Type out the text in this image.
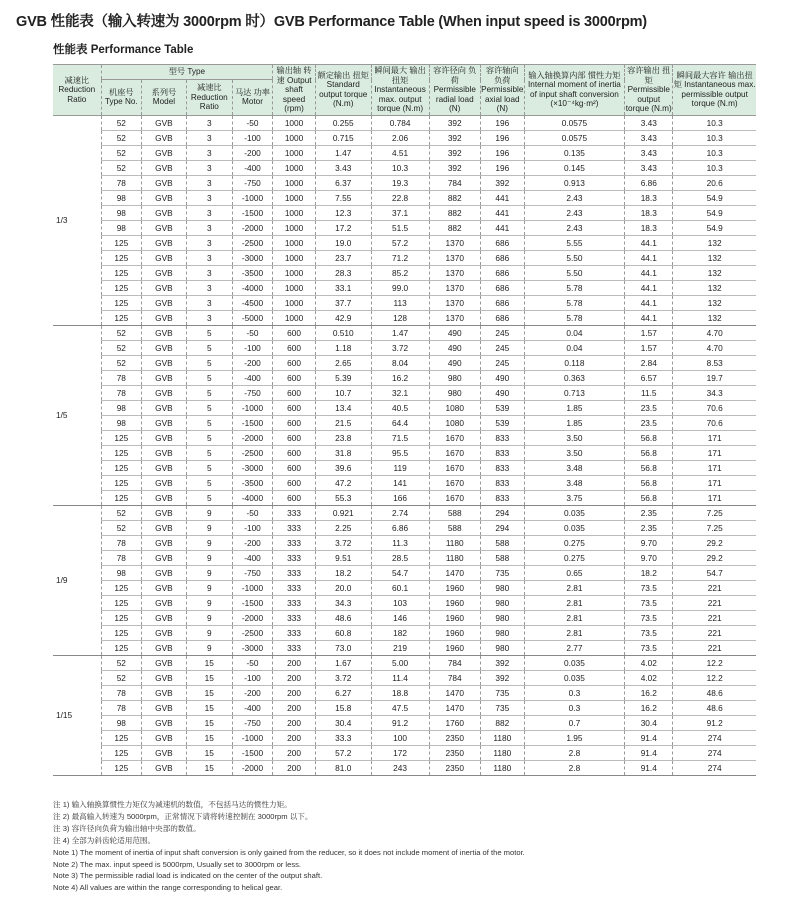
GVB 性能表（输入转速为 3000rpm 时）GVB Performance Table (When input speed is 3000rpm)
性能表 Performance Table
减速比 Reduction Ratio	型号 Type				输出轴 转速 Output shaft speed (rpm)	额定输出 扭矩 Standard output torque (N.m)	瞬间最大 输出扭矩 Instantaneous max. output torque (N.m)	容许径向 负荷 Permissible radial load (N)	容许轴向 负荷 Permissible axial load (N)	输入轴换算内部 惯性力矩 Internal moment of inertia of input shaft conversion (×10⁻⁴kg·m²)	容许输出 扭矩 Permissible output torque (N.m)	瞬间最大容许 输出扭矩 Instantaneous max. permissible output torque (N.m)
	机座号 Type No.	系列号 Model	减速比 Reduction Ratio	马达 功率 Motor								
1/3	52	GVB	3	-50	1000	0.255	0.784	392	196	0.0575	3.43	10.3
	52	GVB	3	-100	1000	0.715	2.06	392	196	0.0575	3.43	10.3
	52	GVB	3	-200	1000	1.47	4.51	392	196	0.135	3.43	10.3
	52	GVB	3	-400	1000	3.43	10.3	392	196	0.145	3.43	10.3
	78	GVB	3	-750	1000	6.37	19.3	784	392	0.913	6.86	20.6
	98	GVB	3	-1000	1000	7.55	22.8	882	441	2.43	18.3	54.9
	98	GVB	3	-1500	1000	12.3	37.1	882	441	2.43	18.3	54.9
	98	GVB	3	-2000	1000	17.2	51.5	882	441	2.43	18.3	54.9
	125	GVB	3	-2500	1000	19.0	57.2	1370	686	5.55	44.1	132
	125	GVB	3	-3000	1000	23.7	71.2	1370	686	5.50	44.1	132
	125	GVB	3	-3500	1000	28.3	85.2	1370	686	5.50	44.1	132
	125	GVB	3	-4000	1000	33.1	99.0	1370	686	5.78	44.1	132
	125	GVB	3	-4500	1000	37.7	113	1370	686	5.78	44.1	132
	125	GVB	3	-5000	1000	42.9	128	1370	686	5.78	44.1	132
1/5	52	GVB	5	-50	600	0.510	1.47	490	245	0.04	1.57	4.70
	52	GVB	5	-100	600	1.18	3.72	490	245	0.04	1.57	4.70
	52	GVB	5	-200	600	2.65	8.04	490	245	0.118	2.84	8.53
	78	GVB	5	-400	600	5.39	16.2	980	490	0.363	6.57	19.7
	78	GVB	5	-750	600	10.7	32.1	980	490	0.713	11.5	34.3
	98	GVB	5	-1000	600	13.4	40.5	1080	539	1.85	23.5	70.6
	98	GVB	5	-1500	600	21.5	64.4	1080	539	1.85	23.5	70.6
	125	GVB	5	-2000	600	23.8	71.5	1670	833	3.50	56.8	171
	125	GVB	5	-2500	600	31.8	95.5	1670	833	3.50	56.8	171
	125	GVB	5	-3000	600	39.6	119	1670	833	3.48	56.8	171
	125	GVB	5	-3500	600	47.2	141	1670	833	3.48	56.8	171
	125	GVB	5	-4000	600	55.3	166	1670	833	3.75	56.8	171
1/9	52	GVB	9	-50	333	0.921	2.74	588	294	0.035	2.35	7.25
	52	GVB	9	-100	333	2.25	6.86	588	294	0.035	2.35	7.25
	78	GVB	9	-200	333	3.72	11.3	1180	588	0.275	9.70	29.2
	78	GVB	9	-400	333	9.51	28.5	1180	588	0.275	9.70	29.2
	98	GVB	9	-750	333	18.2	54.7	1470	735	0.65	18.2	54.7
	125	GVB	9	-1000	333	20.0	60.1	1960	980	2.81	73.5	221
	125	GVB	9	-1500	333	34.3	103	1960	980	2.81	73.5	221
	125	GVB	9	-2000	333	48.6	146	1960	980	2.81	73.5	221
	125	GVB	9	-2500	333	60.8	182	1960	980	2.81	73.5	221
	125	GVB	9	-3000	333	73.0	219	1960	980	2.77	73.5	221
1/15	52	GVB	15	-50	200	1.67	5.00	784	392	0.035	4.02	12.2
	52	GVB	15	-100	200	3.72	11.4	784	392	0.035	4.02	12.2
	78	GVB	15	-200	200	6.27	18.8	1470	735	0.3	16.2	48.6
	78	GVB	15	-400	200	15.8	47.5	1470	735	0.3	16.2	48.6
	98	GVB	15	-750	200	30.4	91.2	1760	882	0.7	30.4	91.2
	125	GVB	15	-1000	200	33.3	100	2350	1180	1.95	91.4	274
	125	GVB	15	-1500	200	57.2	172	2350	1180	2.8	91.4	274
	125	GVB	15	-2000	200	81.0	243	2350	1180	2.8	91.4	274
注 1) 输入轴换算惯性力矩仅为减速机的数值，不包括马达的惯性力矩。
注 2) 最高输入转速为 5000rpm，正常情况下请将转速控制在 3000rpm 以下。
注 3) 容许径向负荷为输出轴中央部的数值。
注 4) 全部为斜齿轮适用范围。
Note 1) The moment of inertia of input shaft conversion is only gained from the reducer, so it does not include moment of inertia of the motor.
Note 2) The max. input speed is 5000rpm, Usually set to 3000rpm or less.
Note 3) The permissible radial load is indicated on the center of the output shaft.
Note 4) All values are within the range corresponding to helical gear.
